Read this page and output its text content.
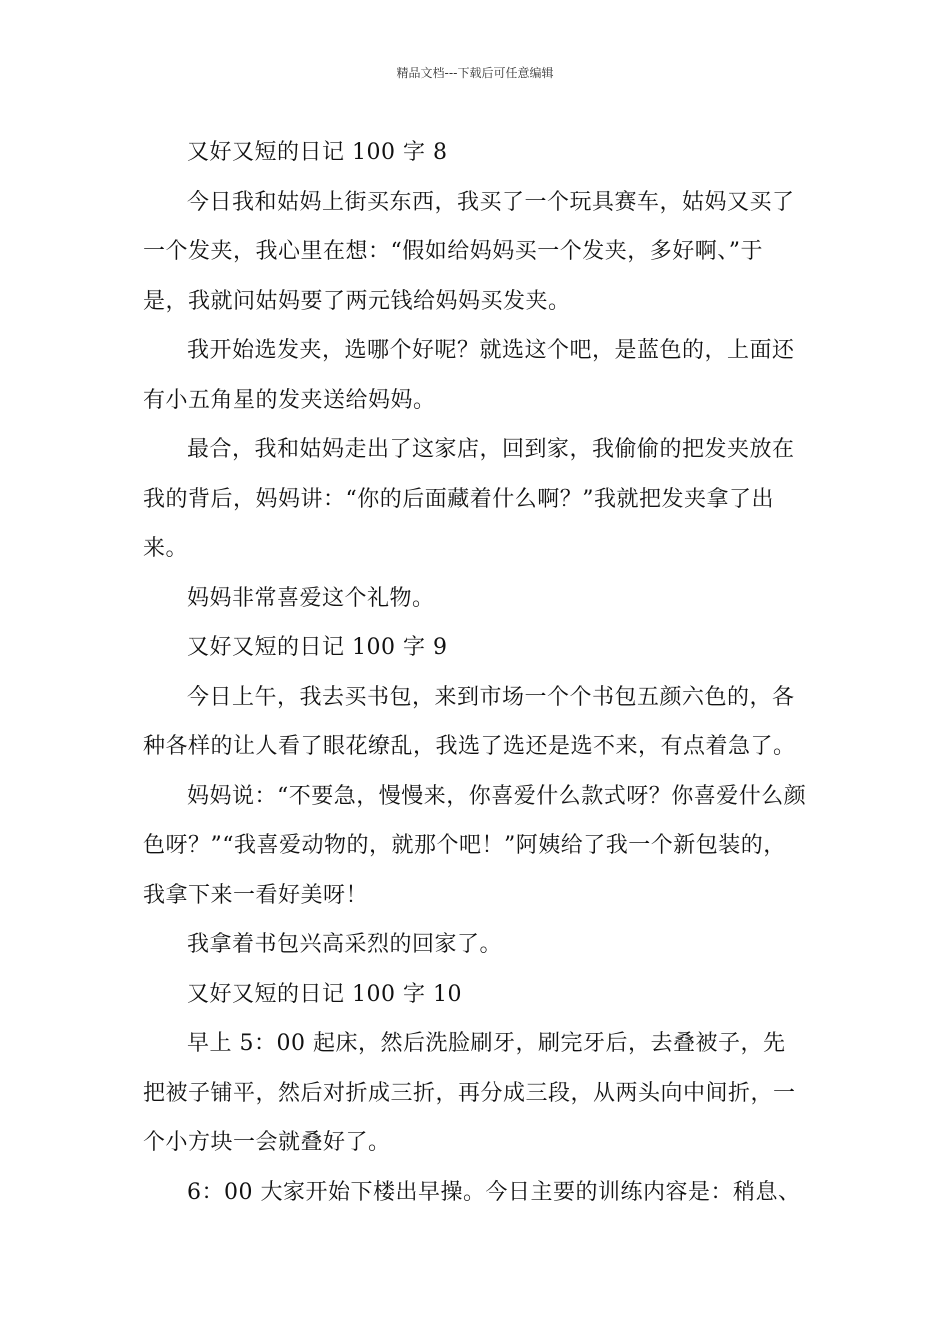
精品文档---下载后可任意编辑

又好又短的日记 100 字 8

今日我和姑妈上街买东西，我买了一个玩具赛车，姑妈又买了一个发夹，我心里在想：“假如给妈妈买一个发夹，多好啊、”于是，我就问姑妈要了两元钱给妈妈买发夹。

我开始选发夹，选哪个好呢？就选这个吧，是蓝色的，上面还有小五角星的发夹送给妈妈。

最合，我和姑妈走出了这家店，回到家，我偷偷的把发夹放在我的背后，妈妈讲：“你的后面藏着什么啊？”我就把发夹拿了出来。

妈妈非常喜爱这个礼物。

又好又短的日记 100 字 9

今日上午，我去买书包，来到市场一个个书包五颜六色的，各种各样的让人看了眼花缭乱，我选了选还是选不来，有点着急了。

妈妈说：“不要急，慢慢来，你喜爱什么款式呀？你喜爱什么颜色呀？”“我喜爱动物的，就那个吧！”阿姨给了我一个新包装的，我拿下来一看好美呀！

我拿着书包兴高采烈的回家了。

又好又短的日记 100 字 10

早上 5：00 起床，然后洗脸刷牙，刷完牙后，去叠被子，先把被子铺平，然后对折成三折，再分成三段，从两头向中间折，一个小方块一会就叠好了。

6：00 大家开始下楼出早操。今日主要的训练内容是：稍息、
